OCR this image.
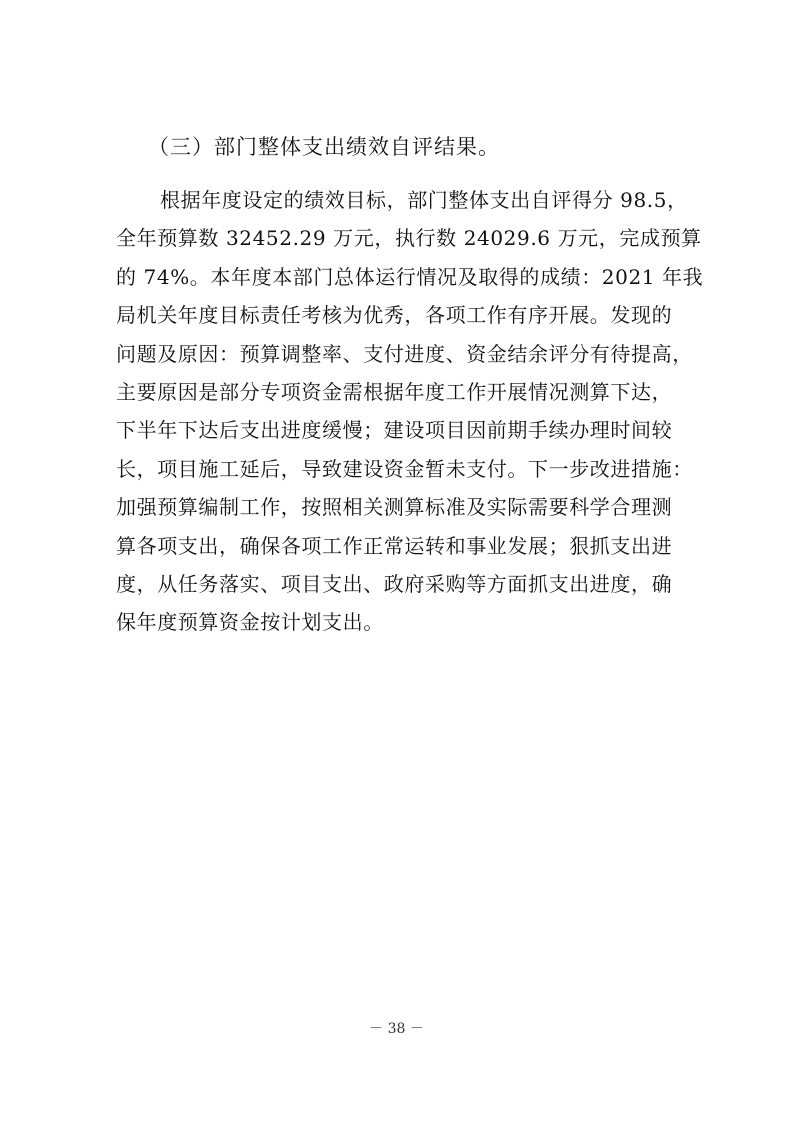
（三）部门整体支出绩效自评结果。
根据年度设定的绩效目标，部门整体支出自评得分 98.5，
全年预算数 32452.29 万元，执行数 24029.6 万元，完成预算
的 74%。本年度本部门总体运行情况及取得的成绩：2021 年我
局机关年度目标责任考核为优秀，各项工作有序开展。发现的
问题及原因：预算调整率、支付进度、资金结余评分有待提高，
主要原因是部分专项资金需根据年度工作开展情况测算下达，
下半年下达后支出进度缓慢；建设项目因前期手续办理时间较
长，项目施工延后，导致建设资金暂未支付。下一步改进措施：
加强预算编制工作，按照相关测算标准及实际需要科学合理测
算各项支出，确保各项工作正常运转和事业发展；狠抓支出进
度，从任务落实、项目支出、政府采购等方面抓支出进度，确
保年度预算资金按计划支出。
－ 38 －
